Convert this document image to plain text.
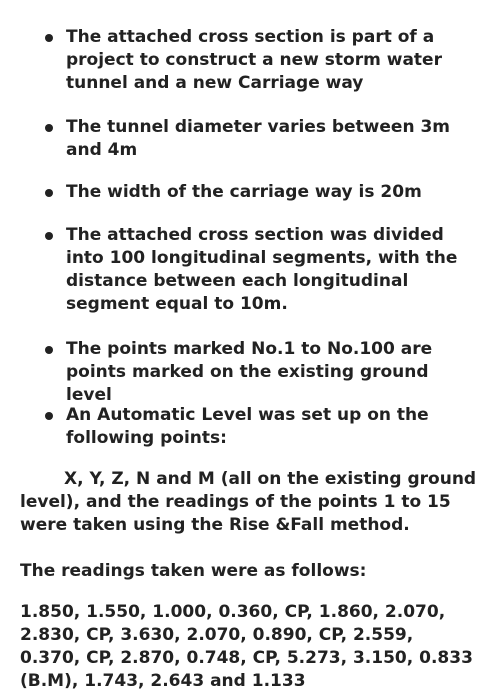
The attached cross section is part of a project to construct a new storm water tunnel and a new Carriage way
The tunnel diameter varies between 3m and 4m
The width of the carriage way is 20m
The attached cross section was divided into 100 longitudinal segments, with the distance between each longitudinal segment equal to 10m.
The points marked No.1 to No.100 are points marked on the existing ground level
An Automatic Level was set up on the following points:
X, Y, Z, N and M (all on the existing ground level), and the readings of the points 1 to 15 were taken using the Rise &Fall method.
The readings taken were as follows:
1.850, 1.550, 1.000, 0.360, CP, 1.860, 2.070, 2.830, CP, 3.630, 2.070, 0.890, CP, 2.559, 0.370, CP, 2.870, 0.748, CP, 5.273, 3.150, 0.833 (B.M), 1.743, 2.643 and 1.133
